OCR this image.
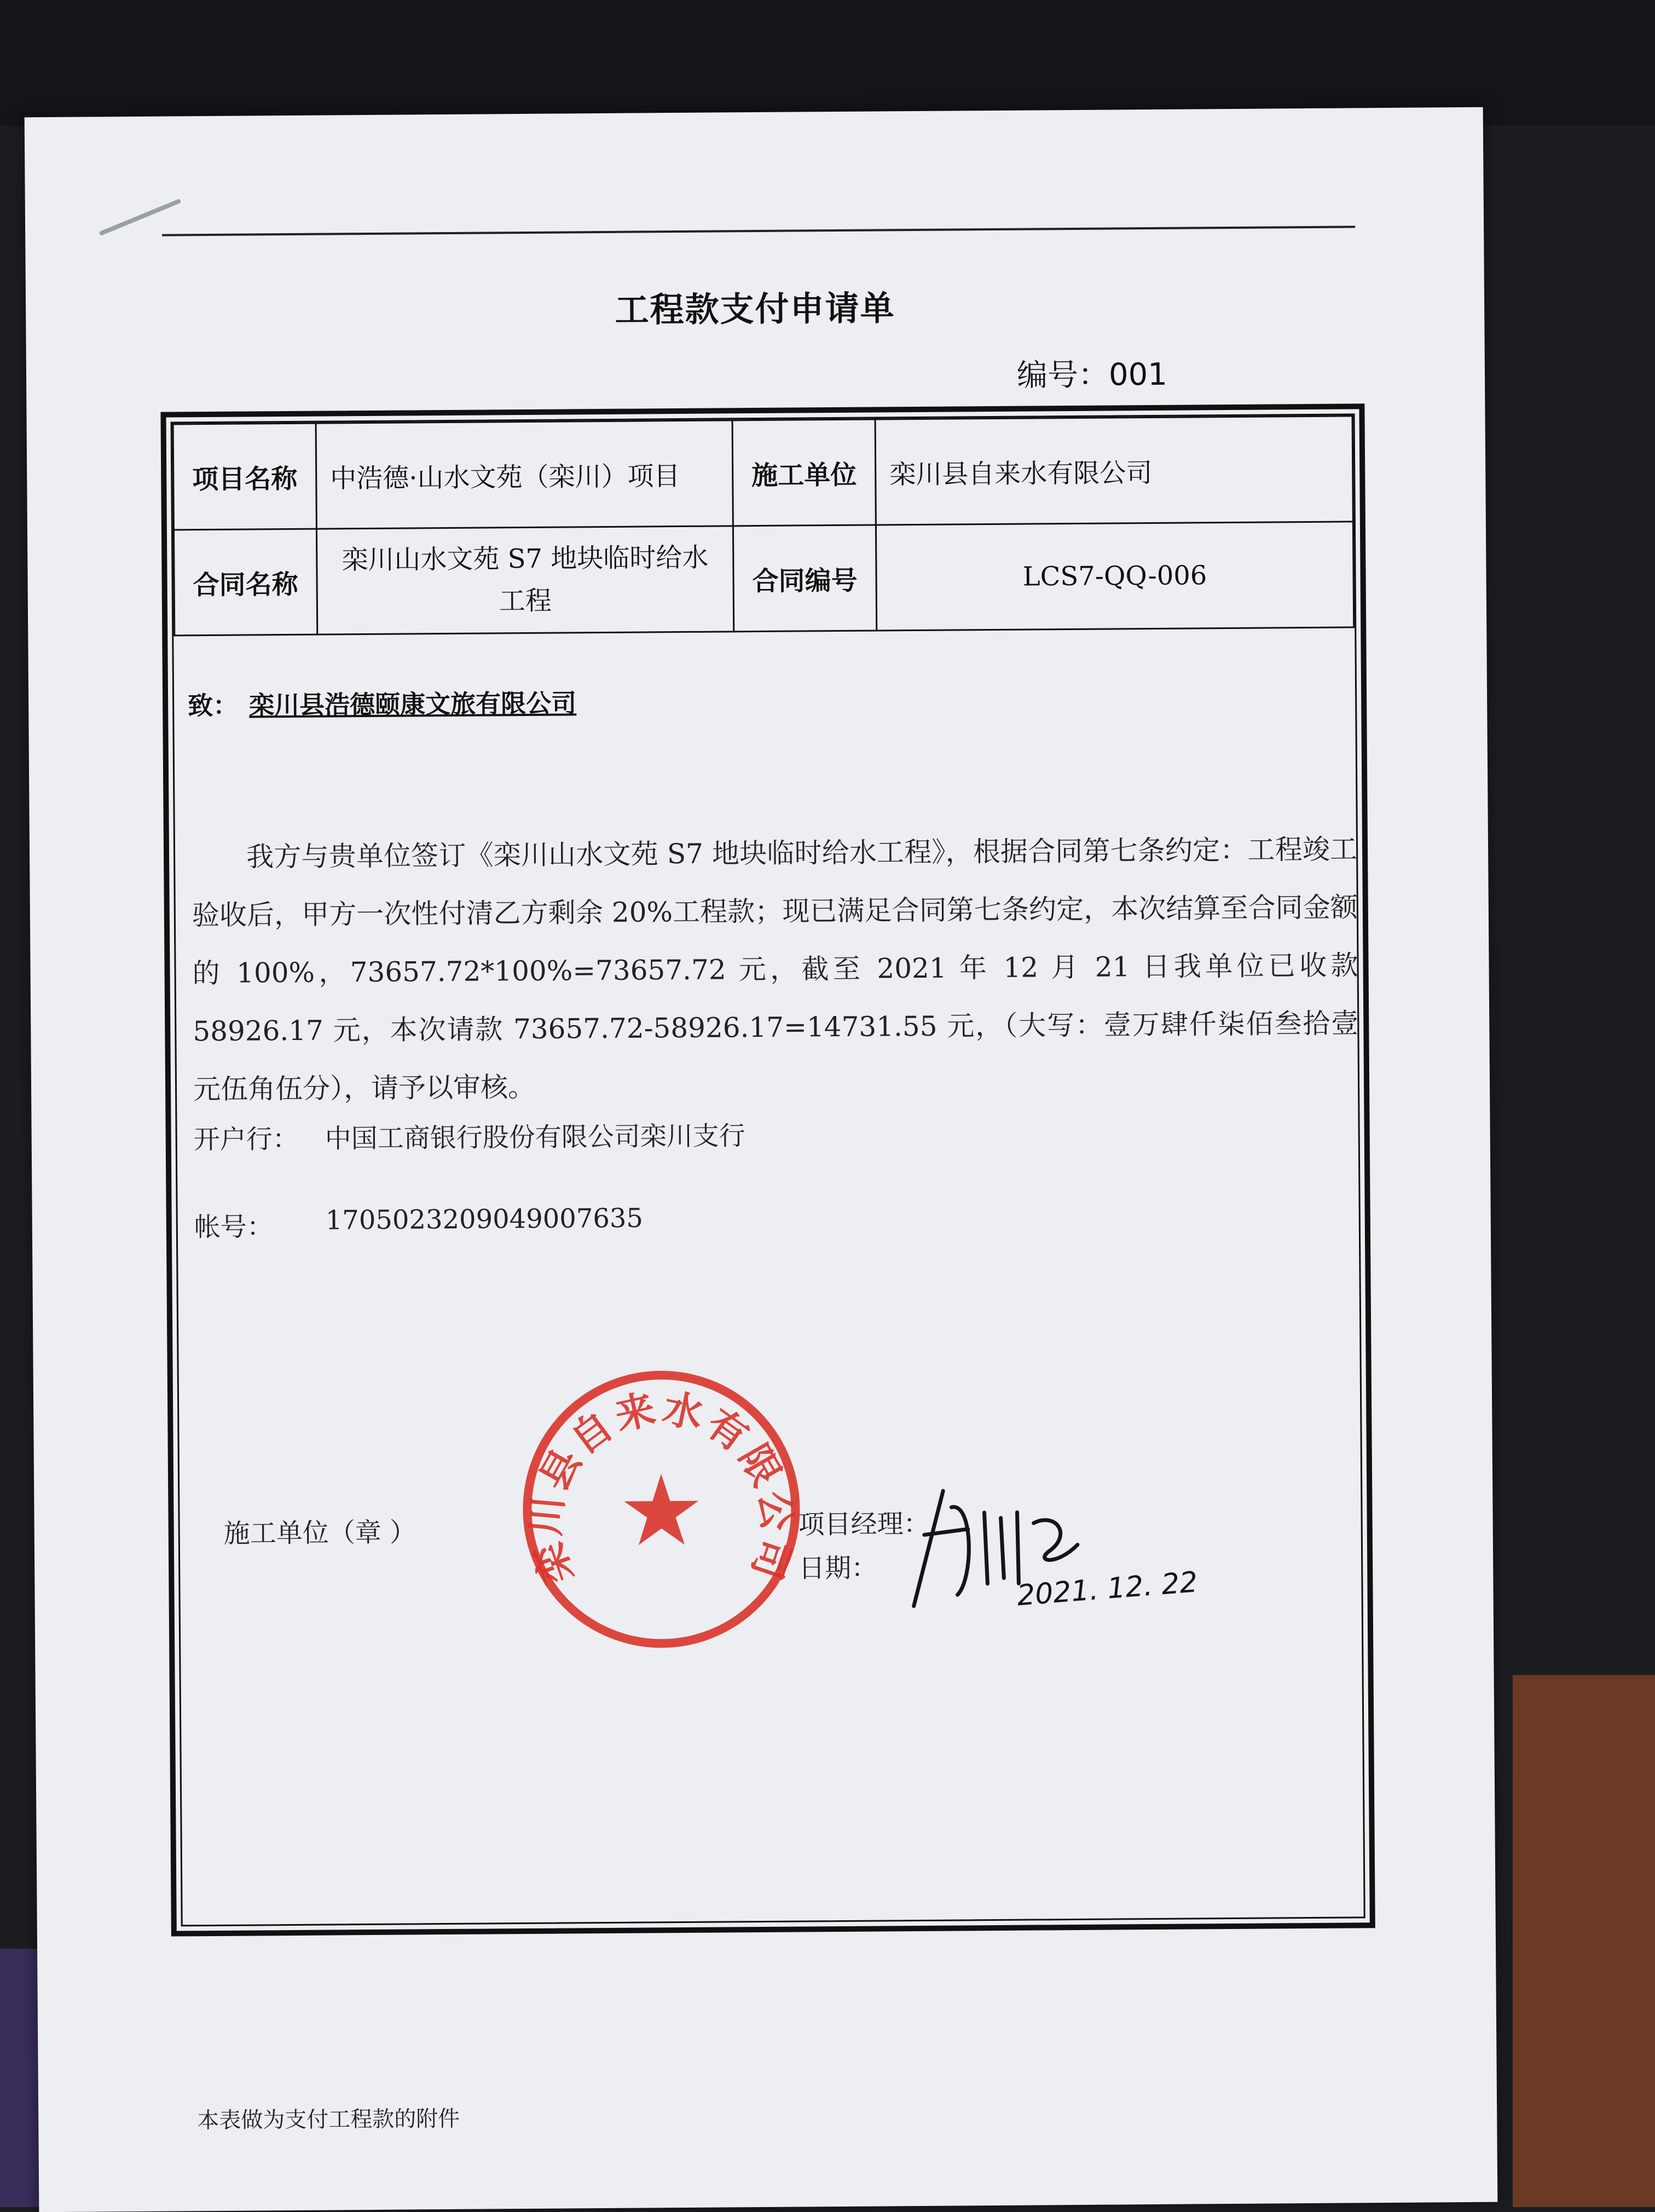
工程款支付申请单
编号：001
项目名称	中浩德·山水文苑（栾川）项目	施工单位	栾川县自来水有限公司
合同名称	栾川山水文苑 S7 地块临时给水工程	合同编号	LCS7-QQ-006
致： 栾川县浩德颐康文旅有限公司
我方与贵单位签订《栾川山水文苑 S7 地块临时给水工程》，根据合同第七条约定：工程竣工验收后，甲方一次性付清乙方剩余 20%工程款；现已满足合同第七条约定，本次结算至合同金额的 100%，73657.72*100%=73657.72 元，截至 2021 年 12 月 21 日我单位已收款 58926.17 元，本次请款 73657.72-58926.17=14731.55 元，（大写：壹万肆仟柒佰叁拾壹元伍角伍分），请予以审核。
开户行： 中国工商银行股份有限公司栾川支行
帐号： 1705023209049007635
栾川县自来水有限公司
施工单位（章 ）	项目经理：
日期：	2021. 12. 22
本表做为支付工程款的附件
